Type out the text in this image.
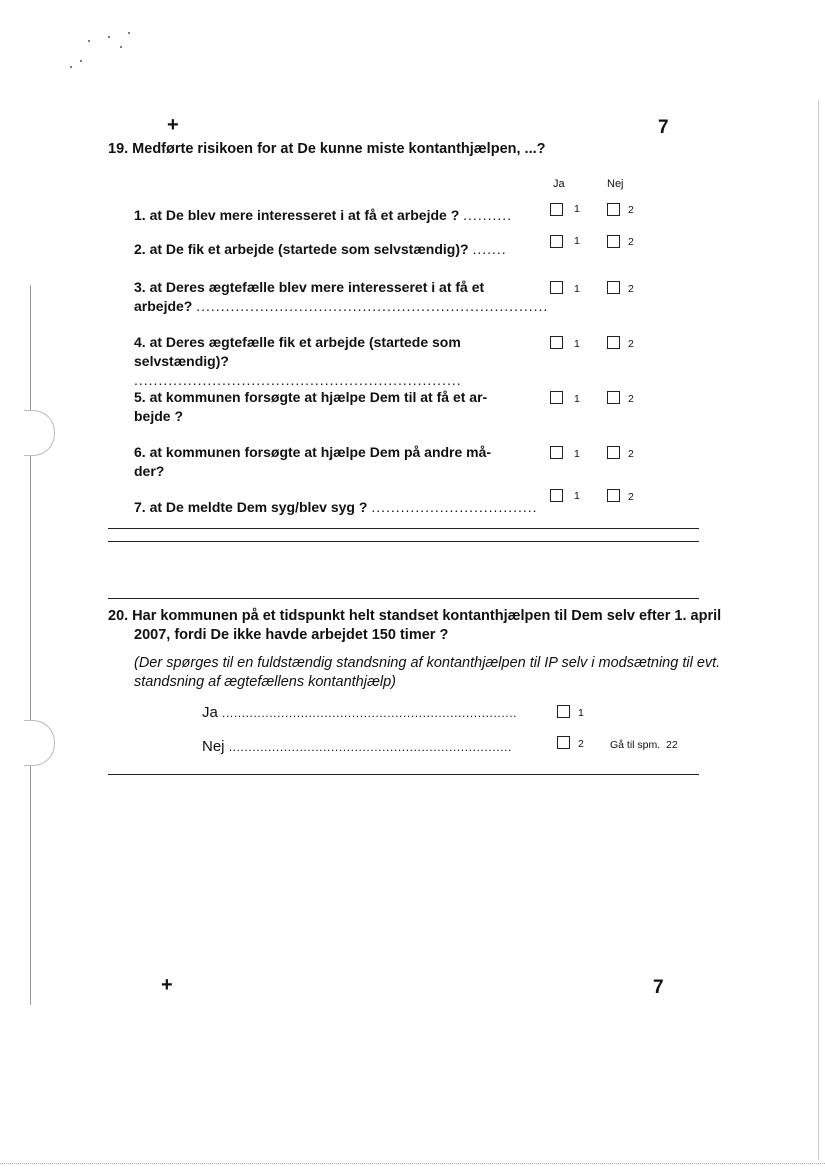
+	7
19. Medførte risikoen for at De kunne miste kontanthjælpen, ...?
Ja	Nej
1. at De blev mere interesseret i at få et arbejde ? ..........	1	2
2. at De fik et arbejde (startede som selvstændig)? .......	1	2
3. at Deres ægtefælle blev mere interesseret i at få et
arbejde? ........................................................................
1	2
4. at Deres ægtefælle fik et arbejde (startede som
selvstændig)? ...................................................................
1	2
5. at kommunen forsøgte at hjælpe Dem til at få et ar-
bejde ?
1	2
6. at kommunen forsøgte at hjælpe Dem på andre må-
der?
1	2
7. at De meldte Dem syg/blev syg ? ..................................
1	2
20. Har kommunen på et tidspunkt helt standset kontanthjælpen til Dem selv efter 1. april
2007, fordi De ikke havde arbejdet 150 timer ?
(Der spørges til en fuldstændig standsning af kontanthjælpen til IP selv i modsætning til evt.
standsning af ægtefællens kontanthjælp)
Ja ...........................................................................	1
Nej ........................................................................	2 Gå til spm.  22
+	7
